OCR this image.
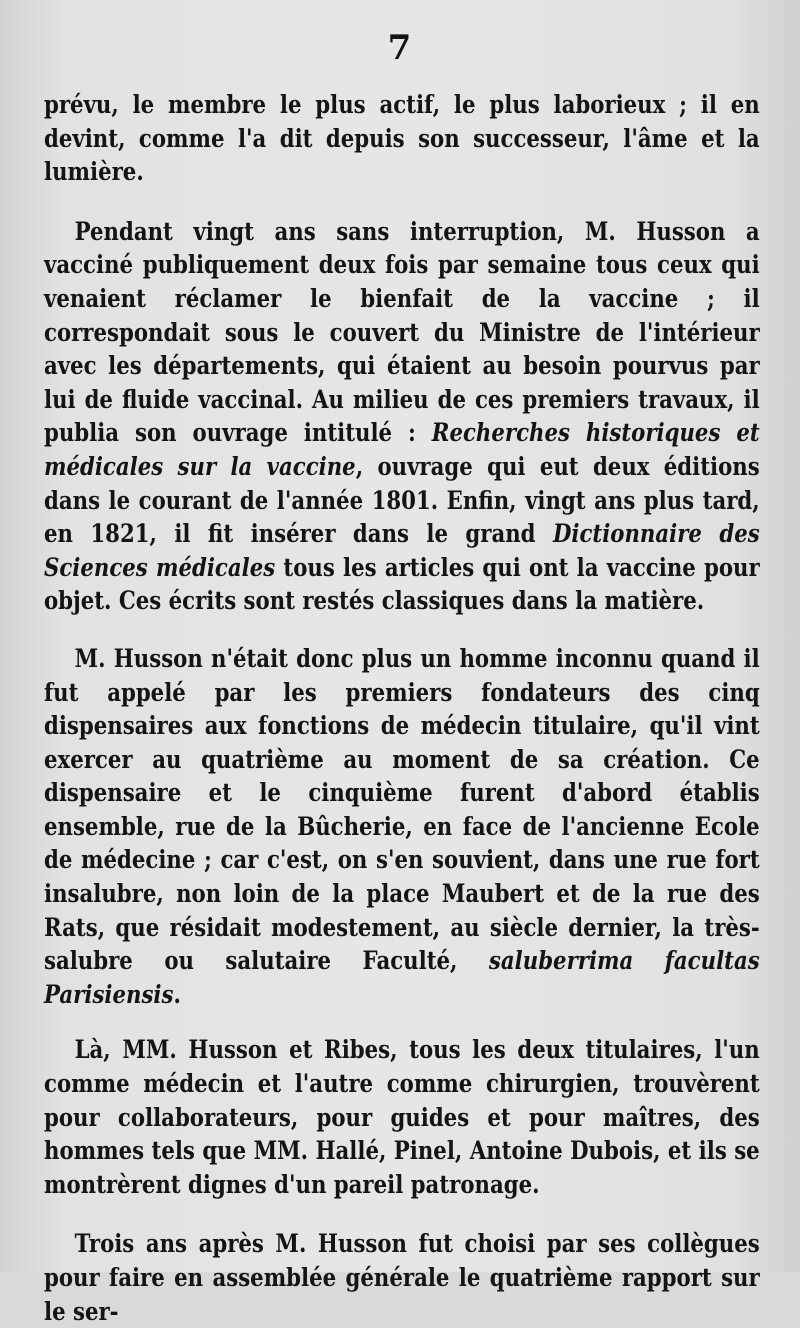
7

prévu, le membre le plus actif, le plus laborieux ; il en devint, comme l'a dit depuis son successeur, l'âme et la lumière.

Pendant vingt ans sans interruption, M. Husson a vacciné publiquement deux fois par semaine tous ceux qui venaient réclamer le bienfait de la vaccine ; il correspondait sous le couvert du Ministre de l'intérieur avec les départements, qui étaient au besoin pourvus par lui de fluide vaccinal. Au milieu de ces premiers travaux, il publia son ouvrage intitulé : Recherches historiques et médicales sur la vaccine, ouvrage qui eut deux éditions dans le courant de l'année 1801. Enfin, vingt ans plus tard, en 1821, il fit insérer dans le grand Dictionnaire des Sciences médicales tous les articles qui ont la vaccine pour objet. Ces écrits sont restés classiques dans la matière.

M. Husson n'était donc plus un homme inconnu quand il fut appelé par les premiers fondateurs des cinq dispensaires aux fonctions de médecin titulaire, qu'il vint exercer au quatrième au moment de sa création. Ce dispensaire et le cinquième furent d'abord établis ensemble, rue de la Bûcherie, en face de l'ancienne Ecole de médecine ; car c'est, on s'en souvient, dans une rue fort insalubre, non loin de la place Maubert et de la rue des Rats, que résidait modestement, au siècle dernier, la très-salubre ou salutaire Faculté, saluberrima facultas Parisiensis.

Là, MM. Husson et Ribes, tous les deux titulaires, l'un comme médecin et l'autre comme chirurgien, trouvèrent pour collaborateurs, pour guides et pour maîtres, des hommes tels que MM. Hallé, Pinel, Antoine Dubois, et ils se montrèrent dignes d'un pareil patronage.

Trois ans après M. Husson fut choisi par ses collègues pour faire en assemblée générale le quatrième rapport sur le ser-
